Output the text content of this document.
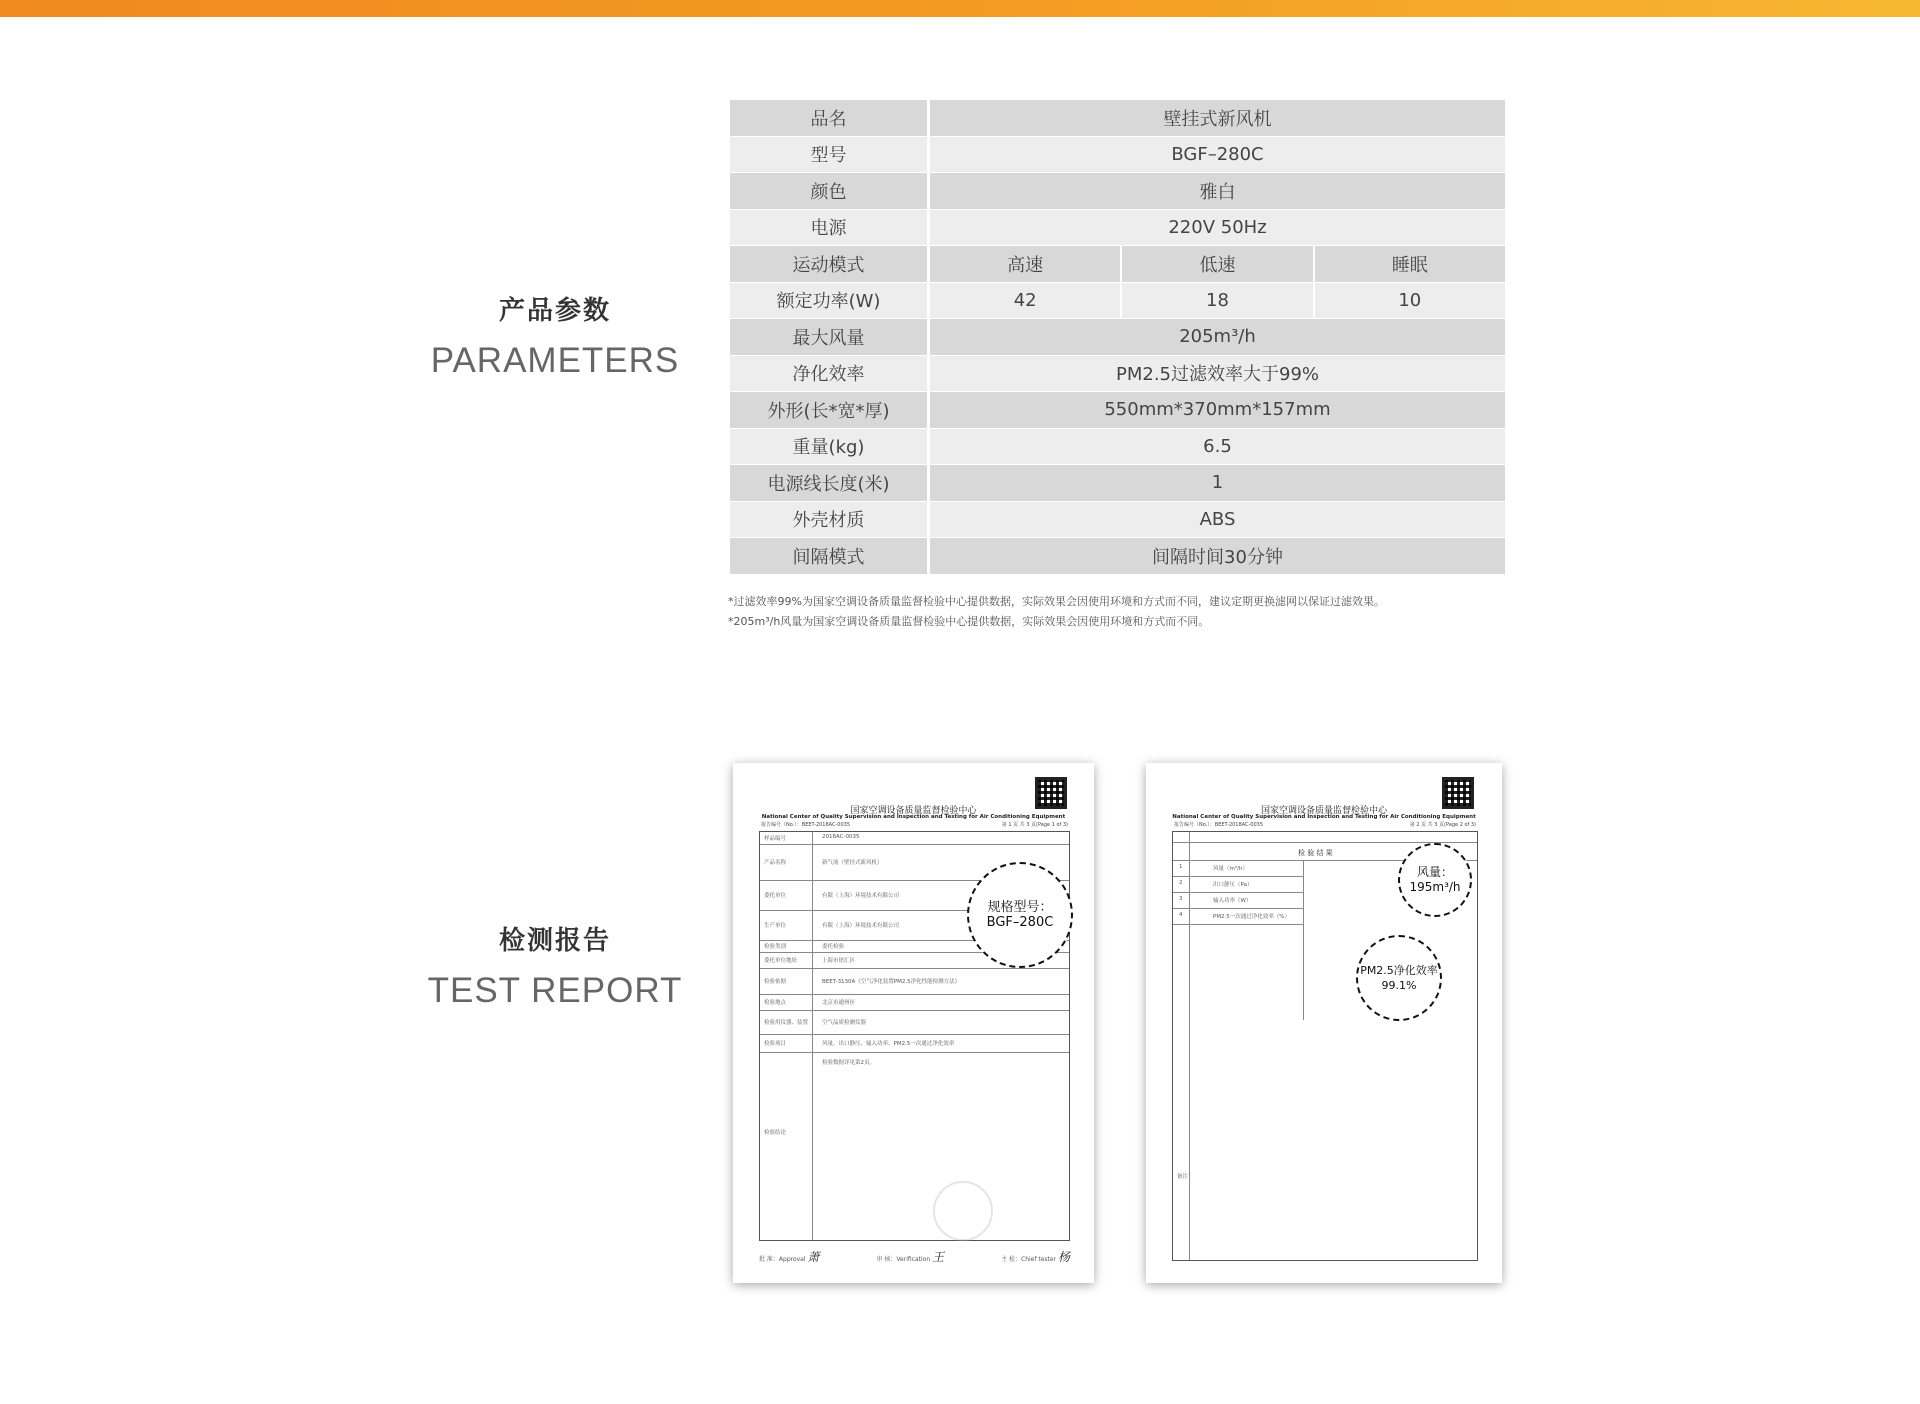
产品参数
PARAMETERS
品名	壁挂式新风机
型号	BGF–280C
颜色	雅白
电源	220V 50Hz
运动模式	高速	低速	睡眠
额定功率(W)	42	18	10
最大风量	205m³/h
净化效率	PM2.5过滤效率大于99%
外形(长*宽*厚)	550mm*370mm*157mm
重量(kg)	6.5
电源线长度(米)	1
外壳材质	ABS
间隔模式	间隔时间30分钟
*过滤效率99%为国家空调设备质量监督检验中心提供数据，实际效果会因使用环境和方式而不同，建议定期更换滤网以保证过滤效果。
*205m³/h风量为国家空调设备质量监督检验中心提供数据，实际效果会因使用环境和方式而不同。
检测报告
TEST REPORT
国家空调设备质量监督检验中心
National Center of Quality Supervision and Inspection and Testing for Air Conditioning Equipment
报告编号（No.）：BEET-2018AC-0035	第 1 页 共 3 页(Page 1 of 3)
样品编号	2018AC-0035
产品名称	新气流（壁挂式新风机）
委托单位	有限（上海）环境技术有限公司
生产单位	有限（上海）环境技术有限公司
检验类别	委托检验
委托单位地址	上海市徐汇区
检验依据	BEET-3130A《空气净化装置PM2.5净化性能检测方法》
检验地点	北京市通州区
检验用仪器、装置	空气品质检测仪器
检验项目	风量、出口静压、输入功率、PM2.5一次通过净化效率
检验结论
检验数据详见第2页。
规格型号：
BGF–280C
批 准：Approval 萧	审 核：Verification 王	主 检：Chief tester 杨
国家空调设备质量监督检验中心
National Center of Quality Supervision and Inspection and Testing for Air Conditioning Equipment
报告编号（No.）：BEET-2018AC-0035	第 2 页 共 3 页(Page 2 of 3)
检 验 结 果
备注
1	风量（m³/h）
2	出口静压（Pa）
3	输入功率（W）
4	PM2.5一次通过净化效率（%）
风量：
195m³/h
PM2.5净化效率
99.1%
